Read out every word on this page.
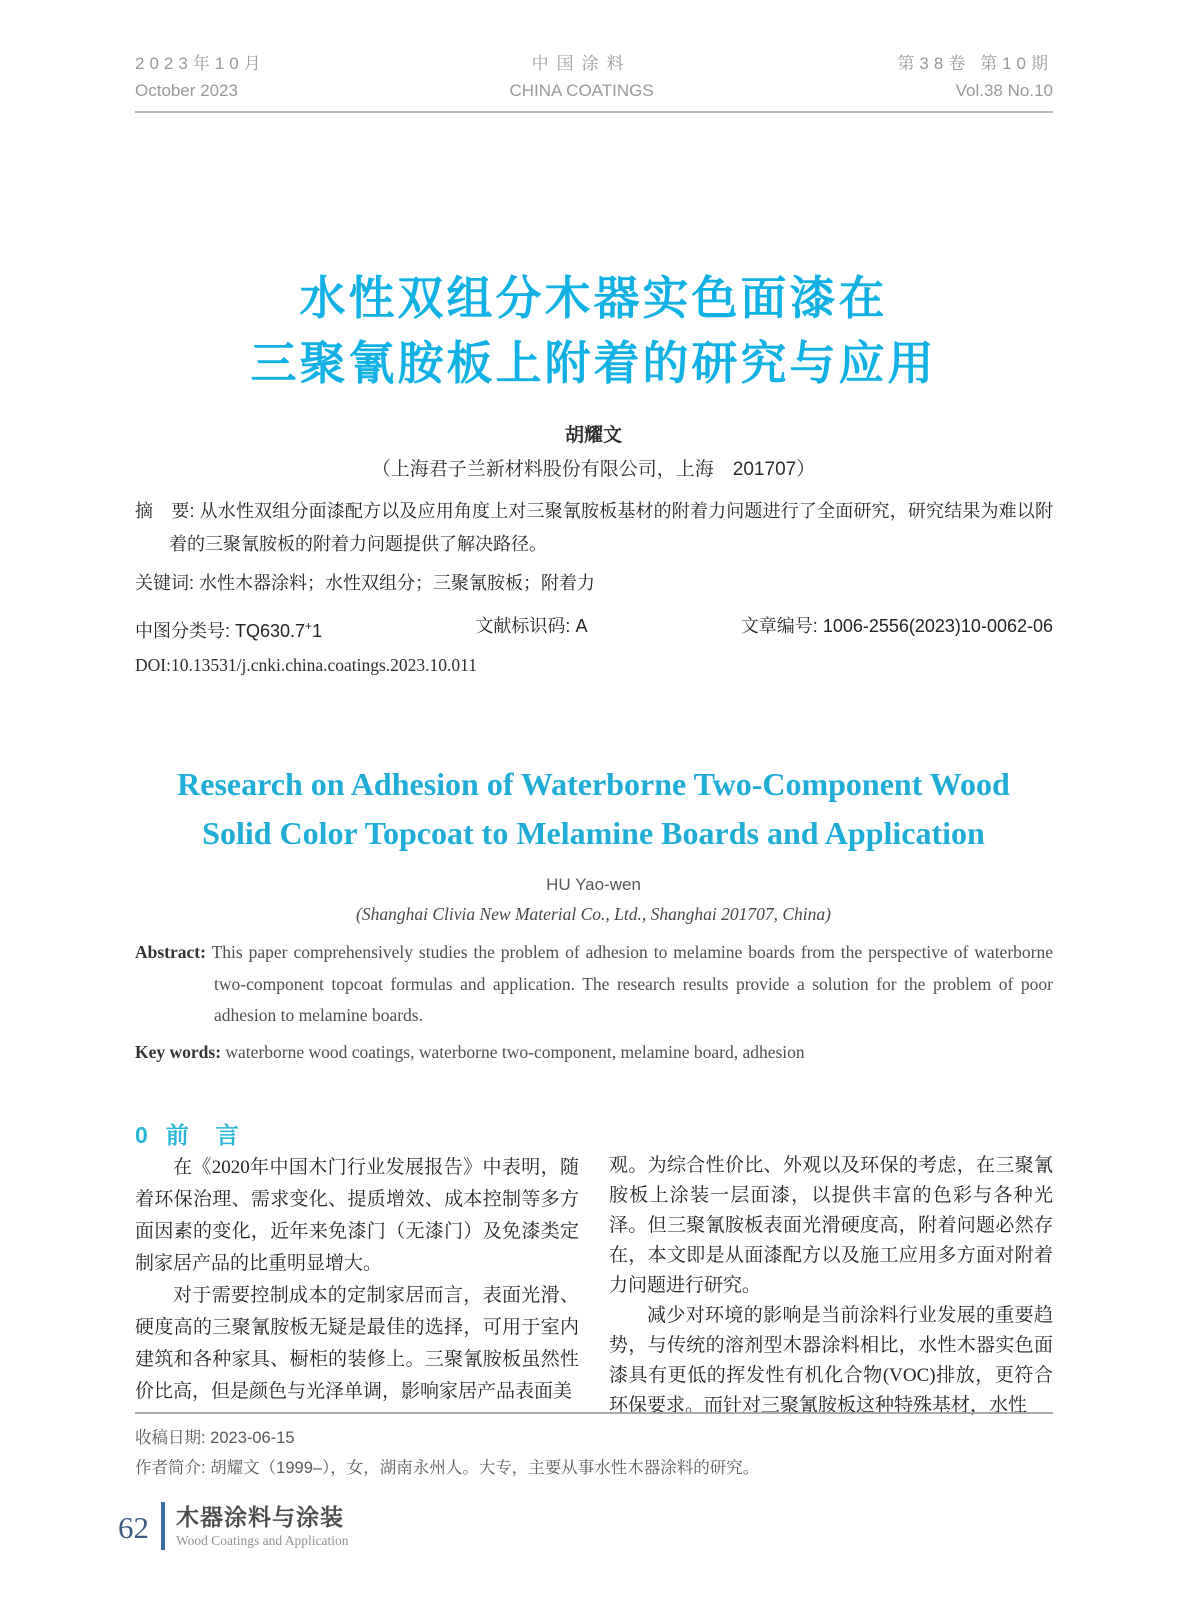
2023年10月
October 2023
中国涂料
CHINA COATINGS
第38卷 第10期
Vol.38 No.10
水性双组分木器实色面漆在
三聚氰胺板上附着的研究与应用
胡耀文
（上海君子兰新材料股份有限公司，上海　201707）

摘　要: 从水性双组分面漆配方以及应用角度上对三聚氰胺板基材的附着力问题进行了全面研究，研究结果为难以附着的三聚氰胺板的附着力问题提供了解决路径。

关键词: 水性木器涂料；水性双组分；三聚氰胺板；附着力

中图分类号: TQ630.7+1	文献标识码: A	文章编号: 1006-2556(2023)10-0062-06
DOI:10.13531/j.cnki.china.coatings.2023.10.011
Research on Adhesion of Waterborne Two-Component Wood
Solid Color Topcoat to Melamine Boards and Application
HU Yao-wen
(Shanghai Clivia New Material Co., Ltd., Shanghai 201707, China)

Abstract: This paper comprehensively studies the problem of adhesion to melamine boards from the perspective of waterborne two-component topcoat formulas and application. The research results provide a solution for the problem of poor adhesion to melamine boards.

Key words: waterborne wood coatings, waterborne two-component, melamine board, adhesion

0 前　言

在《2020年中国木门行业发展报告》中表明，随着环保治理、需求变化、提质增效、成本控制等多方面因素的变化，近年来免漆门（无漆门）及免漆类定制家居产品的比重明显增大。

对于需要控制成本的定制家居而言，表面光滑、硬度高的三聚氰胺板无疑是最佳的选择，可用于室内建筑和各种家具、橱柜的装修上。三聚氰胺板虽然性价比高，但是颜色与光泽单调，影响家居产品表面美

观。为综合性价比、外观以及环保的考虑，在三聚氰胺板上涂装一层面漆，以提供丰富的色彩与各种光泽。但三聚氰胺板表面光滑硬度高，附着问题必然存在，本文即是从面漆配方以及施工应用多方面对附着力问题进行研究。

减少对环境的影响是当前涂料行业发展的重要趋势，与传统的溶剂型木器涂料相比，水性木器实色面漆具有更低的挥发性有机化合物(VOC)排放，更符合环保要求。而针对三聚氰胺板这种特殊基材，水性

收稿日期: 2023-06-15
作者简介: 胡耀文（1999–），女，湖南永州人。大专，主要从事水性木器涂料的研究。
62 木器涂料与涂装
Wood Coatings and Application
